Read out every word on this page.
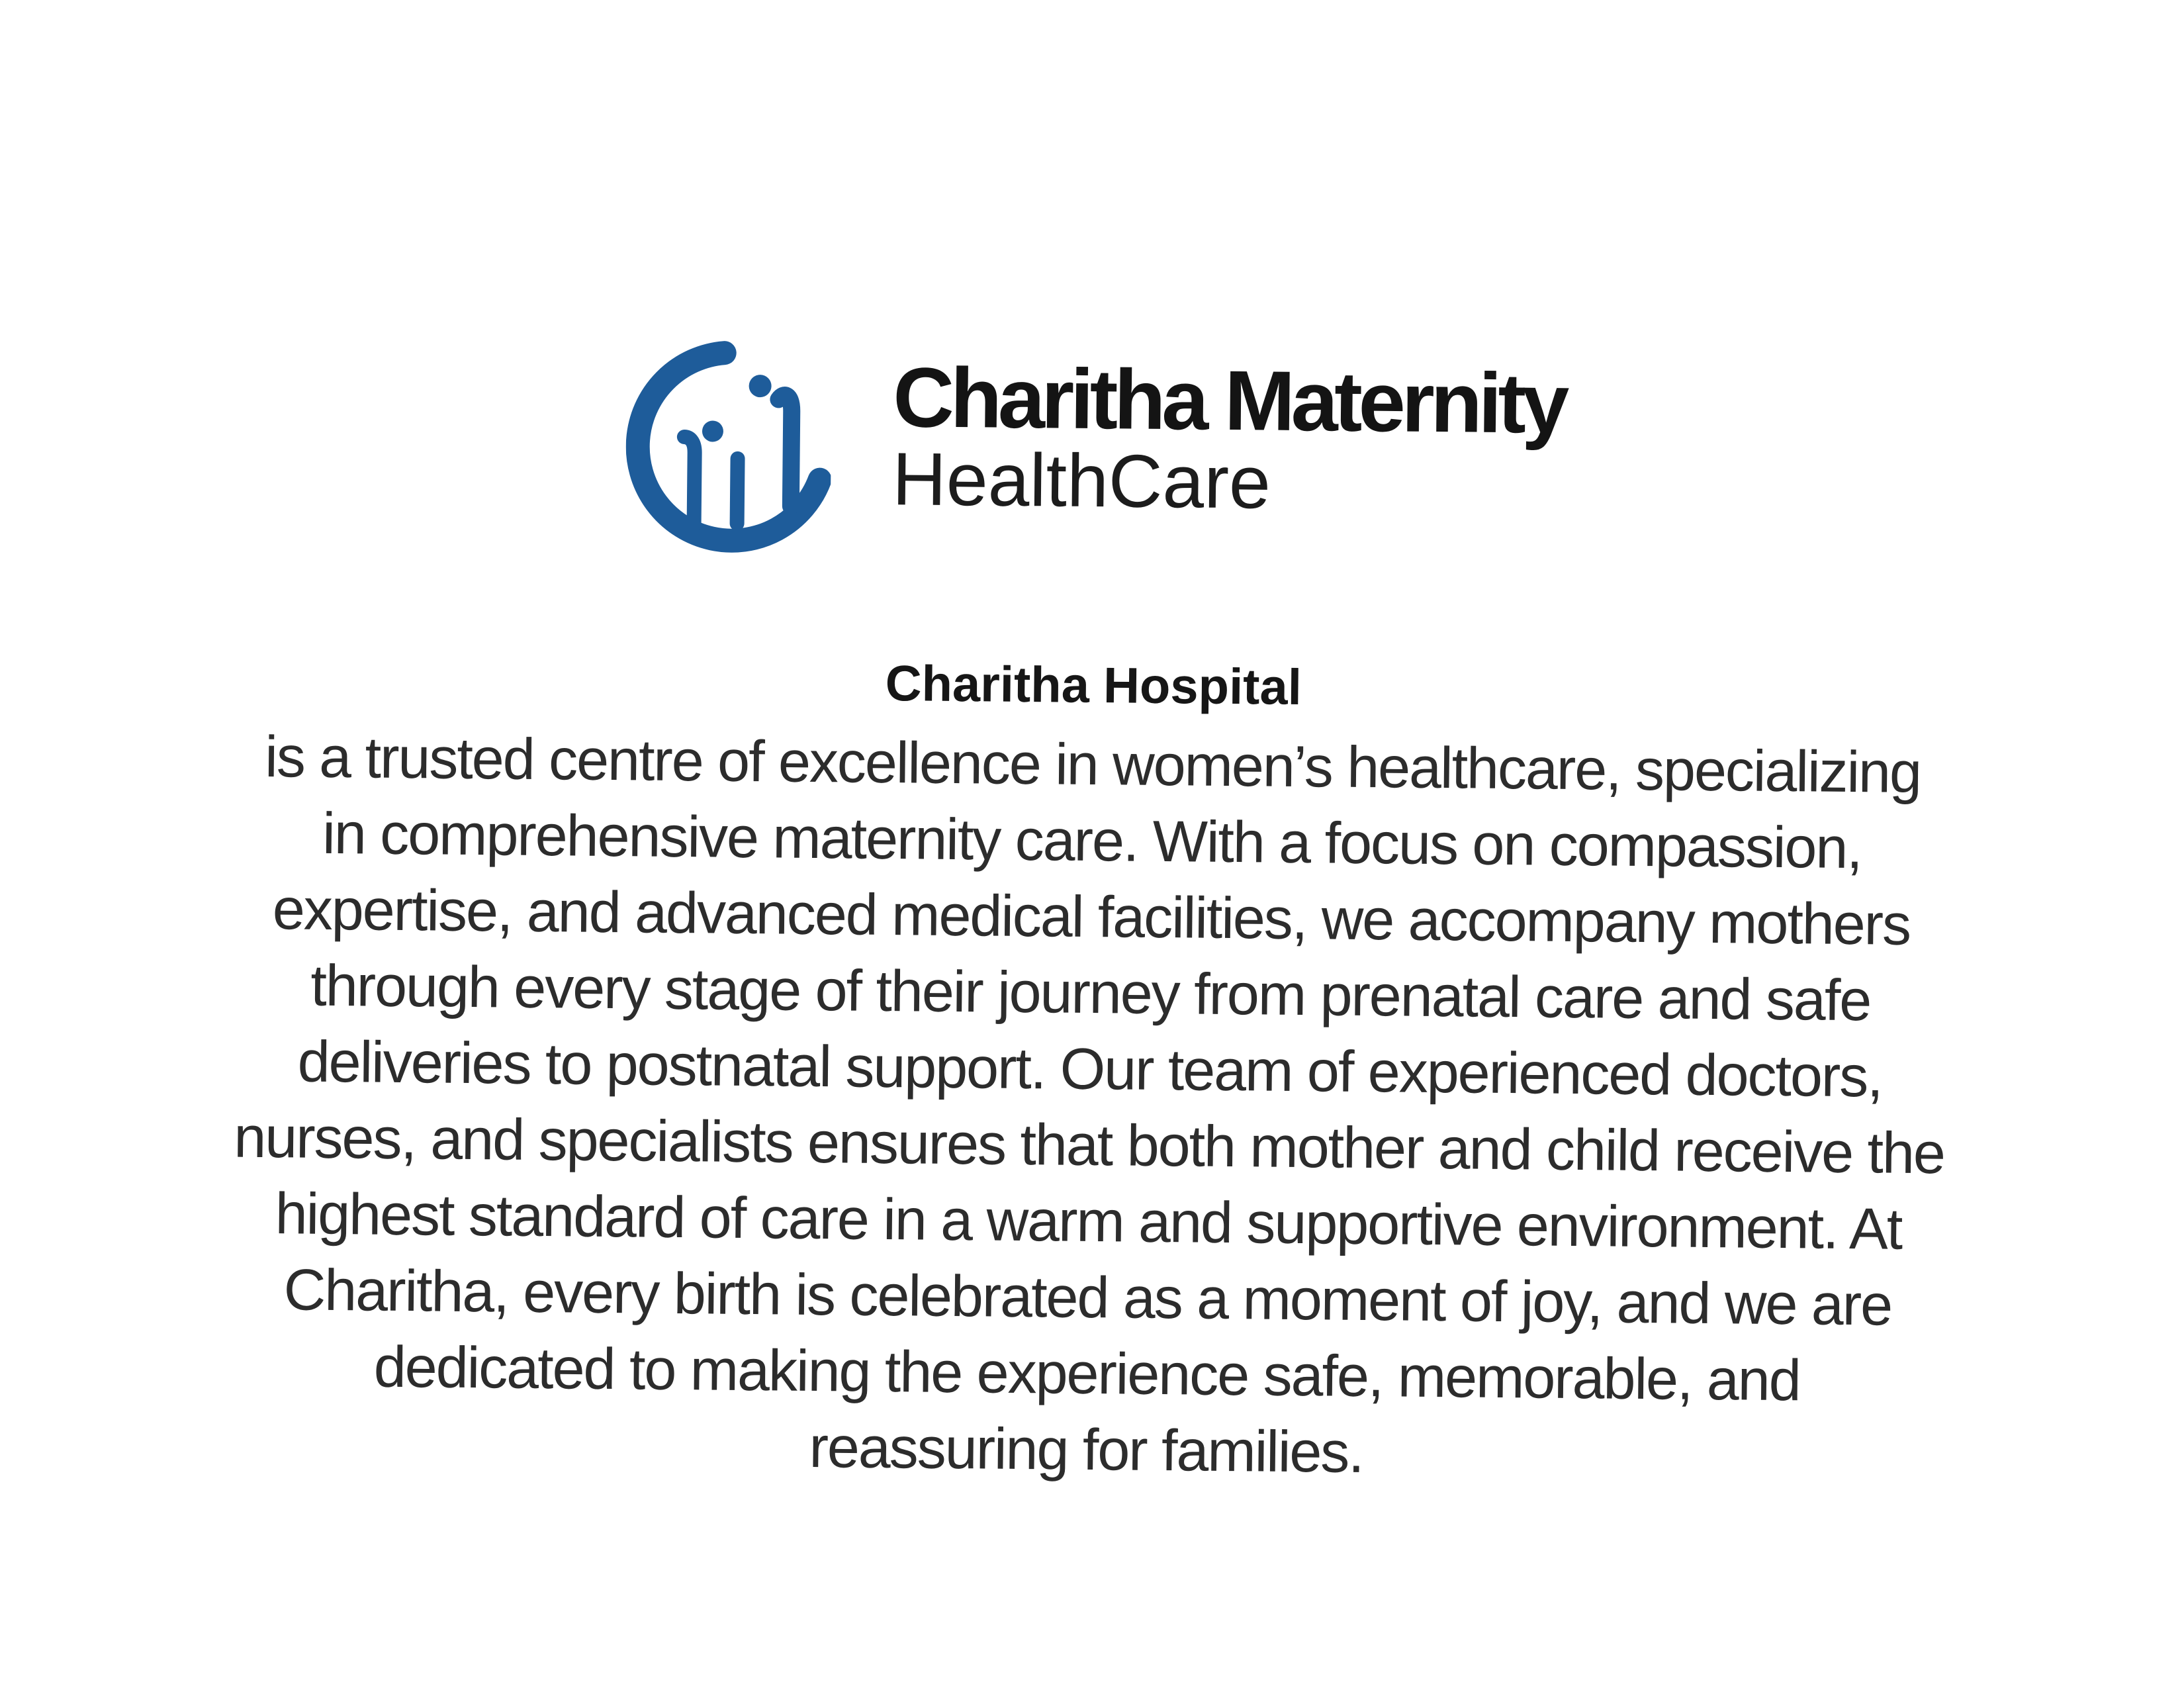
Charitha Maternity
HealthCare
Charitha Hospital
is a trusted centre of excellence in women’s healthcare, specializing
in comprehensive maternity care. With a focus on compassion,
expertise, and advanced medical facilities, we accompany mothers
through every stage of their journey from prenatal care and safe
deliveries to postnatal support. Our team of experienced doctors,
nurses, and specialists ensures that both mother and child receive the
highest standard of care in a warm and supportive environment. At
Charitha, every birth is celebrated as a moment of joy, and we are
dedicated to making the experience safe, memorable, and
reassuring for families.
